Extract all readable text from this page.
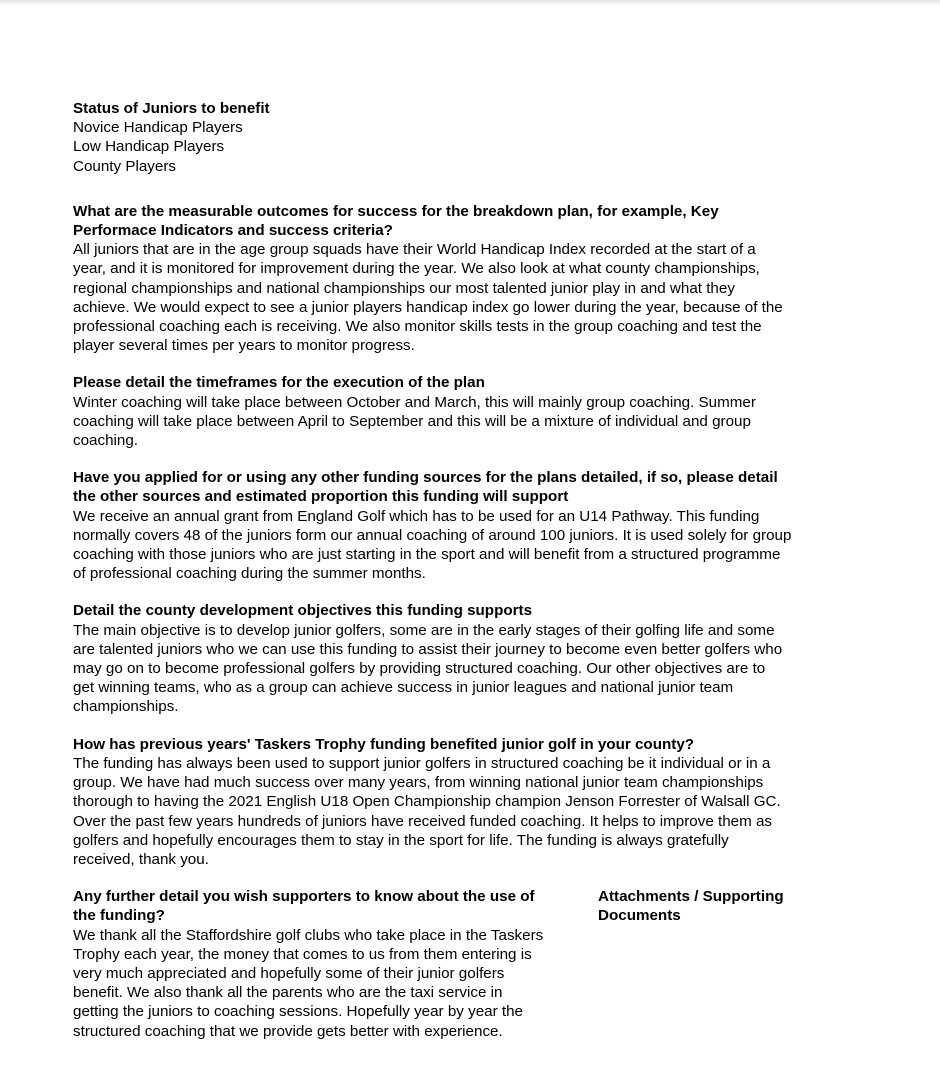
Status of Juniors to benefit
Novice Handicap Players
Low Handicap Players
County Players
What are the measurable outcomes for success for the breakdown plan, for example, Key
Performace Indicators and success criteria?
All juniors that are in the age group squads have their World Handicap Index recorded at the start of a
year, and it is monitored for improvement during the year. We also look at what county championships,
regional championships and national championships our most talented junior play in and what they
achieve. We would expect to see a junior players handicap index go lower during the year, because of the
professional coaching each is receiving. We also monitor skills tests in the group coaching and test the
player several times per years to monitor progress.
Please detail the timeframes for the execution of the plan
Winter coaching will take place between October and March, this will mainly group coaching. Summer
coaching will take place between April to September and this will be a mixture of individual and group
coaching.
Have you applied for or using any other funding sources for the plans detailed, if so, please detail
the other sources and estimated proportion this funding will support
We receive an annual grant from England Golf which has to be used for an U14 Pathway. This funding
normally covers 48 of the juniors form our annual coaching of around 100 juniors. It is used solely for group
coaching with those juniors who are just starting in the sport and will benefit from a structured programme
of professional coaching during the summer months.
Detail the county development objectives this funding supports
The main objective is to develop junior golfers, some are in the early stages of their golfing life and some
are talented juniors who we can use this funding to assist their journey to become even better golfers who
may go on to become professional golfers by providing structured coaching. Our other objectives are to
get winning teams, who as a group can achieve success in junior leagues and national junior team
championships.
How has previous years' Taskers Trophy funding benefited junior golf in your county?
The funding has always been used to support junior golfers in structured coaching be it individual or in a
group. We have had much success over many years, from winning national junior team championships
thorough to having the 2021 English U18 Open Championship champion Jenson Forrester of Walsall GC.
Over the past few years hundreds of juniors have received funded coaching. It helps to improve them as
golfers and hopefully encourages them to stay in the sport for life. The funding is always gratefully
received, thank you.
Any further detail you wish supporters to know about the use of
the funding?
We thank all the Staffordshire golf clubs who take place in the Taskers
Trophy each year, the money that comes to us from them entering is
very much appreciated and hopefully some of their junior golfers
benefit. We also thank all the parents who are the taxi service in
getting the juniors to coaching sessions. Hopefully year by year the
structured coaching that we provide gets better with experience.
Attachments / Supporting
Documents
